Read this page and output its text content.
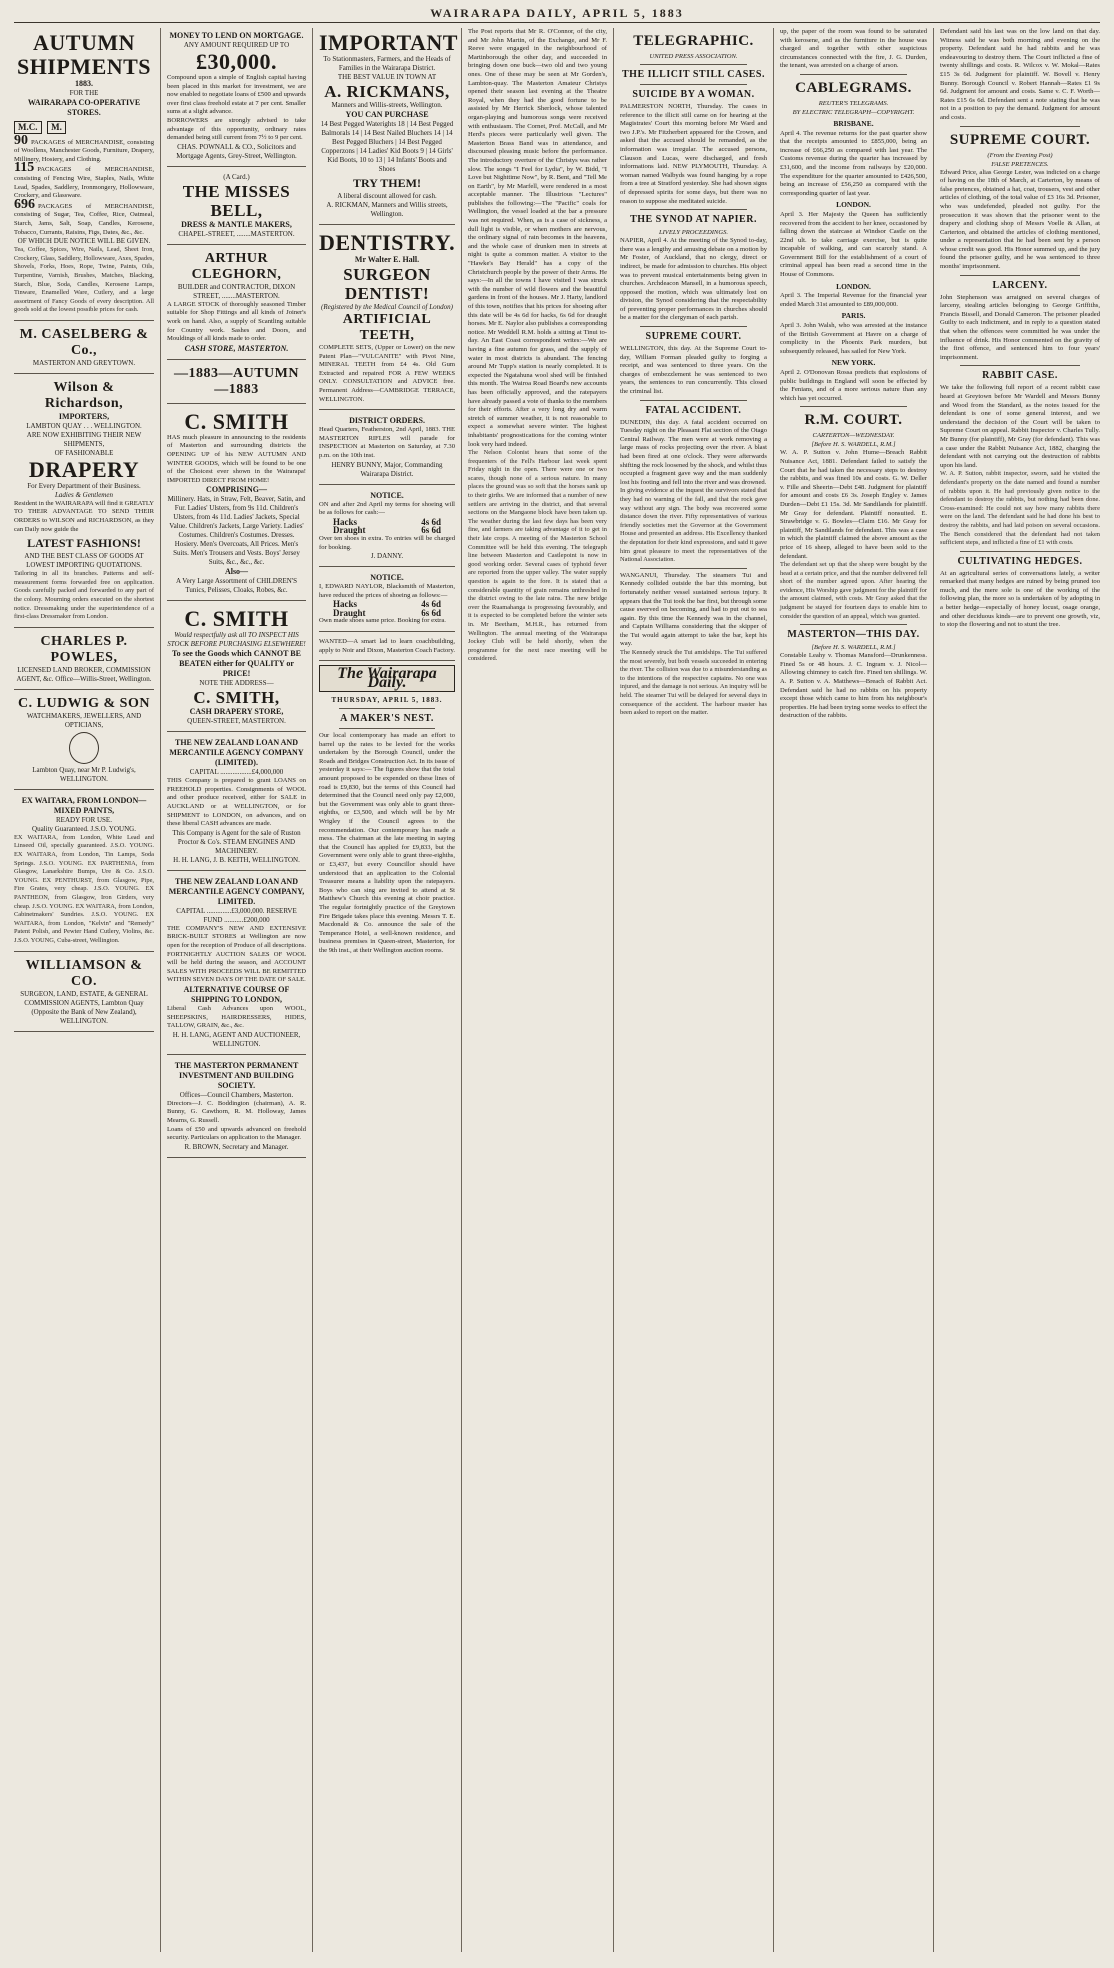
WAIRARAPA DAILY, APRIL 5, 1883
AUTUMN SHIPMENTS
1883.
FOR THE
WAIRARAPA CO-OPERATIVE STORES.
M.C. M.
90 PACKAGES of MERCHANDISE, consisting of Woollens, Manchester Goods, Furniture, Drapery, Millinery, Hosiery, and Clothing.
115 PACKAGES of MERCHANDISE, consisting of Fencing Wire, Staples, Nails, White Lead, Spades, Saddlery, Ironmongery, Hollowware, Crockery, and Glassware.
696 PACKAGES of MERCHANDISE, consisting of Sugar, Tea, Coffee, Rice, Oatmeal, Starch, Jams, Salt, Soap, Candles, Kerosene, Tobacco, Currants, Raisins, Figs, Dates, &c., &c.
OF WHICH DUE NOTICE WILL BE GIVEN.
Tea, Coffee, Spices, Wire, Nails, Lead, Sheet Iron, Crockery, Glass, Saddlery, Hollowware, Axes, Spades, Shovels, Forks, Hoes, Rope, Twine, Paints, Oils, Turpentine, Varnish, Brushes, Matches, Blacking, Starch, Blue, Soda, Candles, Kerosene Lamps, Tinware, Enamelled Ware, Cutlery, and a large assortment of Fancy Goods of every description. All goods sold at the lowest possible prices for cash.
M. CASELBERG & Co.,
MASTERTON AND GREYTOWN.
Wilson & Richardson,
IMPORTERS,
LAMBTON QUAY . . . WELLINGTON.
ARE NOW EXHIBITING THEIR NEW SHIPMENTS,
OF FASHIONABLE
DRAPERY
For Every Department of their Business.
Ladies & Gentlemen
Resident in the WAIRARAPA will find it GREATLY TO THEIR ADVANTAGE TO SEND THEIR ORDERS to WILSON and RICHARDSON, as they can Daily now guide the
LATEST FASHIONS!
AND THE BEST CLASS OF GOODS AT LOWEST IMPORTING QUOTATIONS.
Tailoring in all its branches. Patterns and self-measurement forms forwarded free on application. Goods carefully packed and forwarded to any part of the colony. Mourning orders executed on the shortest notice. Dressmaking under the superintendence of a first-class Dressmaker from London.
CHARLES P. POWLES,
LICENSED LAND BROKER, COMMISSION AGENT, &c. Office—Willis-Street, Wellington.
C. LUDWIG & SON
WATCHMAKERS, JEWELLERS, AND OPTICIANS,
Lambton Quay, near Mr P. Ludwig's, WELLINGTON.
EX WAITARA, FROM LONDON—MIXED PAINTS,
READY FOR USE.
Quality Guaranteed. J.S.O. YOUNG.
EX WAITARA, from London, White Lead and Linseed Oil, specially guaranteed. J.S.O. YOUNG. EX WAITARA, from London, Tin Lamps, Soda Springs. J.S.O. YOUNG. EX PARTHENIA, from Glasgow, Lanarkshire Bumps, Ure & Co. J.S.O. YOUNG. EX PENTHURST, from Glasgow, Pipe, Fire Grates, very cheap. J.S.O. YOUNG. EX PANTHEON, from Glasgow, Iron Girders, very cheap. J.S.O. YOUNG. EX WAITARA, from London, Cabinetmakers' Sundries. J.S.O. YOUNG. EX WAITARA, from London, "Kelvin" and "Remedy" Patent Polish, and Pewter Hand Cutlery, Violins, &c. J.S.O. YOUNG, Cuba-street, Wellington.
WILLIAMSON & CO.
SURGEON, LAND, ESTATE, & GENERAL COMMISSION AGENTS, Lambton Quay (Opposite the Bank of New Zealand), WELLINGTON.
MONEY TO LEND ON MORTGAGE.
ANY AMOUNT REQUIRED UP TO
£30,000.
Compound upon a simple of English capital having been placed in this market for investment, we are now enabled to negotiate loans of £500 and upwards over first class freehold estate at 7 per cent. Smaller sums at a slight advance.
BORROWERS are strongly advised to take advantage of this opportunity, ordinary rates demanded being still current from 7½ to 9 per cent.
CHAS. POWNALL & CO., Solicitors and Mortgage Agents, Grey-Street, Wellington.
(A Card.)
THE MISSES BELL,
DRESS & MANTLE MAKERS,
CHAPEL-STREET, ........MASTERTON.
ARTHUR CLEGHORN,
BUILDER and CONTRACTOR, DIXON STREET, ........MASTERTON.
A LARGE STOCK of thoroughly seasoned Timber suitable for Shop Fittings and all kinds of Joiner's work on hand. Also, a supply of Scantling suitable for Country work. Sashes and Doors, and Mouldings of all kinds made to order.
CASH STORE, MASTERTON.
—1883—AUTUMN—1883
C. SMITH
HAS much pleasure in announcing to the residents of Masterton and surrounding districts the OPENING UP of his NEW AUTUMN AND WINTER GOODS, which will be found to be one of the Choicest ever shown in the Wairarapa! IMPORTED DIRECT FROM HOME!
COMPRISING—
Millinery. Hats, in Straw, Felt, Beaver, Satin, and Fur. Ladies' Ulsters, from 9s 11d. Children's Ulsters, from 4s 11d. Ladies' Jackets, Special Value. Children's Jackets, Large Variety. Ladies' Costumes. Children's Costumes. Dresses. Hosiery. Men's Overcoats, All Prices. Men's Suits. Men's Trousers and Vests. Boys' Jersey Suits, &c., &c., &c.
Also—
A Very Large Assortment of CHILDREN'S Tunics, Pelisses, Cloaks, Robes, &c.
C. SMITH
Would respectfully ask all TO INSPECT HIS STOCK BEFORE PURCHASING ELSEWHERE!
To see the Goods which CANNOT BE BEATEN either for QUALITY or PRICE!
NOTE THE ADDRESS—
C. SMITH,
CASH DRAPERY STORE,
QUEEN-STREET, MASTERTON.
THE NEW ZEALAND LOAN AND MERCANTILE AGENCY COMPANY (LIMITED).
CAPITAL ..................£4,000,000
THIS Company is prepared to grant LOANS on FREEHOLD properties. Consignments of WOOL and other produce received, either for SALE in AUCKLAND or at WELLINGTON, or for SHIPMENT to LONDON, on advances, and on these liberal CASH advances are made.
This Company is Agent for the sale of Ruston Proctor & Co's. STEAM ENGINES AND MACHINERY.
H. H. LANG, J. B. KEITH, WELLINGTON.
THE NEW ZEALAND LOAN AND MERCANTILE AGENCY COMPANY, LIMITED.
CAPITAL ..............£3,000,000. RESERVE FUND ...........£200,000
THE COMPANY'S NEW AND EXTENSIVE BRICK-BUILT STORES at Wellington are now open for the reception of Produce of all descriptions. FORTNIGHTLY AUCTION SALES OF WOOL will be held during the season, and ACCOUNT SALES WITH PROCEEDS WILL BE REMITTED WITHIN SEVEN DAYS OF THE DATE OF SALE.
ALTERNATIVE COURSE OF SHIPPING TO LONDON,
Liberal Cash Advances upon WOOL, SHEEPSKINS, HAIRDRESSERS, HIDES, TALLOW, GRAIN, &c., &c.
H. H. LANG, AGENT AND AUCTIONEER, WELLINGTON.
THE MASTERTON PERMANENT INVESTMENT AND BUILDING SOCIETY.
Offices—Council Chambers, Masterton.
Directors—J. C. Boddington (chairman), A. R. Bunny, G. Cawthorn, R. M. Holloway, James Mearns, G. Russell.
Loans of £50 and upwards advanced on freehold security. Particulars on application to the Manager.
R. BROWN, Secretary and Manager.
IMPORTANT
To Stationmasters, Farmers, and the Heads of Families in the Wairarapa District.
THE BEST VALUE IN TOWN AT
A. RICKMANS,
Manners and Willis-streets, Wellington.
YOU CAN PURCHASE
14 Best Pegged Waterights 18 | 14 Best Pegged Balmorals 14 | 14 Best Nailed Bluchers 14 | 14 Best Pegged Bluchers | 14 Best Pegged Copperzons | 14 Ladies' Kid Boots 9 | 14 Girls' Kid Boots, 10 to 13 | 14 Infants' Boots and Shoes
TRY THEM!
A liberal discount allowed for cash.
A. RICKMAN, Manners and Willis streets, Wellington.
DENTISTRY.
Mr Walter E. Hall.
SURGEON DENTIST!
(Registered by the Medical Council of London)
ARTIFICIAL TEETH,
COMPLETE SETS, (Upper or Lower) on the new Patent Plan—"VULCANITE" with Pivot Nine, MINERAL TEETH from £4 4s. Old Gum Extracted and repaired FOR A FEW WEEKS ONLY. CONSULTATION and ADVICE free. Permanent Address—CAMBRIDGE TERRACE, WELLINGTON.
DISTRICT ORDERS.
Head Quarters, Featherston, 2nd April, 1883. THE MASTERTON RIFLES will parade for INSPECTION at Masterton on Saturday, at 7.30 p.m. on the 10th inst.
HENRY BUNNY, Major, Commanding Wairarapa District.
NOTICE.
ON and after 2nd April my terms for shoeing will be as follows for cash:—
Hacks	4s 6d
Draught	6s 6d
Over ten shoes in extra. To entries will be charged for booking.
J. DANNY.
NOTICE.
I, EDWARD NAYLOR, Blacksmith of Masterton, have reduced the prices of shoeing as follows:—
Hacks	4s 6d
Draught	6s 6d
Own made shoes same price. Booking for extra.
WANTED—A smart lad to learn coachbuilding, apply to Noir and Dixon, Masterton Coach Factory.
The Wairarapa Daily.
THURSDAY, APRIL 5, 1883.
A MAKER'S NEST.
Our local contemporary has made an effort to barrel up the rates to be levied for the works undertaken by the Borough Council, under the Roads and Bridges Construction Act. In its issue of yesterday it says:— The figures show that the total amount proposed to be expended on these lines of road is £9,830, but the terms of this Council had determined that the Council need only pay £2,000, but the Government was only able to grant three-eighths, or £3,500, and which will be by Mr Wrigley if the Council agrees to the recommendation. Our contemporary has made a mess. The chairman at the late meeting in saying that the Council has applied for £9,833, but the Government were only able to grant three-eighths, or £3,437, but every Councillor should have understood that an application to the Colonial Treasurer means a liability upon the ratepayers. Boys who can sing are invited to attend at St Matthew's Church this evening at choir practice. The regular fortnightly practice of the Greytown Fire Brigade takes place this evening. Messrs T. E. Macdonald & Co. announce the sale of the Temperance Hotel, a well-known residence, and business premises in Queen-street, Masterton, for the 9th inst., at their Wellington auction rooms.
The Post reports that Mr R. O'Connor, of the city, and Mr John Martin, of the Exchange, and Mr F. Reeve were engaged in the neighbourhood of Martinborough the other day, and succeeded in bringing down one buck—two old and two young ones. One of these may be seen at Mr Gorden's, Lambton-quay. The Masterton Amateur Christys opened their season last evening at the Theatre Royal, when they had the good fortune to be assisted by Mr Herrick Sherlock, whose talented organ-playing and humorous songs were received with enthusiasm. The Cornet, Prof. McCall, and Mr Herd's pieces were particularly well given. The Masterton Brass Band was in attendance, and discoursed pleasing music before the performance. The introductory overture of the Christys was rather slow. The songs "I Feel for Lydia", by W. Bidd, "I Love but Nighttime Now", by R. Bent, and "Tell Me on Earth", by Mr Marfell, were rendered in a most acceptable manner. The Illustrious "Lectures" publishes the following:—The "Pacific" coals for Wellington, the vessel loaded at the bar a pressure was not required. When, as is a case of sickness, a dull light is visible, or when mothers are nervous, the ordinary signal of rain becomes in the heavens, and the whole case of drunken men in streets at night is quite a common matter. A visitor to the "Hawke's Bay Herald" has a copy of the Christchurch people by the power of their Arms. He says:—In all the towns I have visited I was struck with the number of wild flowers and the beautiful gardens in front of the houses. Mr J. Harty, landlord of this town, notifies that his prices for shoeing after this date will be 4s 6d for hacks, 6s 6d for draught horses. Mr E. Naylor also publishes a corresponding notice. Mr Weddell R.M. holds a sitting at Tinui to-day. An East Coast correspondent writes:—We are having a fine autumn for grass, and the supply of water in most districts is abundant. The fencing around Mr Tupp's station is nearly completed. It is expected the Ngatahuna wool shed will be finished this month. The Wairoa Road Board's new accounts has been officially approved, and the ratepayers have already passed a vote of thanks to the members for their efforts. After a very long dry and warm stretch of summer weather, it is not reasonable to expect a somewhat severe winter. The highest inhabitants' prognostications for the coming winter look very hard indeed.
The Nelson Colonist hears that some of the frequenters of the Fell's Harbour last week spent Friday night in the open. There were one or two scares, though none of a serious nature. In many places the ground was so soft that the horses sank up to their girths. We are informed that a number of new settlers are arriving in the district, and that several sections on the Mangaone block have been taken up. The weather during the last few days has been very fine, and farmers are taking advantage of it to get in their late crops. A meeting of the Masterton School Committee will be held this evening. The telegraph line between Masterton and Castlepoint is now in good working order. Several cases of typhoid fever are reported from the upper valley. The water supply question is again to the fore. It is stated that a considerable quantity of grain remains unthreshed in the district owing to the late rains. The new bridge over the Ruamahanga is progressing favourably, and it is expected to be completed before the winter sets in. Mr Beetham, M.H.R., has returned from Wellington. The annual meeting of the Wairarapa Jockey Club will be held shortly, when the programme for the next race meeting will be considered.
TELEGRAPHIC.
UNITED PRESS ASSOCIATION.
THE ILLICIT STILL CASES.
SUICIDE BY A WOMAN.
PALMERSTON NORTH, Thursday. The cases in reference to the illicit still came on for hearing at the Magistrates' Court this morning before Mr Ward and two J.P.'s. Mr Fitzherbert appeared for the Crown, and asked that the accused should be remanded, as the information was irregular. The accused persons, Clauson and Lucas, were discharged, and fresh informations laid. NEW PLYMOUTH, Thursday. A woman named Walbyds was found hanging by a rope from a tree at Stratford yesterday. She had shown signs of depressed spirits for some days, but there was no reason to suppose she meditated suicide.
THE SYNOD AT NAPIER.
LIVELY PROCEEDINGS.
NAPIER, April 4. At the meeting of the Synod to-day, there was a lengthy and amusing debate on a motion by Mr Foster, of Auckland, that no clergy, direct or indirect, be made for admission to churches. His object was to prevent musical entertainments being given in churches. Archdeacon Mansell, in a humorous speech, opposed the motion, which was ultimately lost on division, the Synod considering that the respectability of preventing proper performances in churches should be a matter for the clergyman of each parish.
SUPREME COURT.
WELLINGTON, this day. At the Supreme Court to-day, William Forman pleaded guilty to forging a receipt, and was sentenced to three years. On the charges of embezzlement he was sentenced to two years, the sentences to run concurrently. This closed the criminal list.
FATAL ACCIDENT.
DUNEDIN, this day. A fatal accident occurred on Tuesday night on the Pleasant Flat section of the Otago Central Railway. The men were at work removing a large mass of rocks projecting over the river. A blast had been fired at one o'clock. They were afterwards shifting the rock loosened by the shock, and whilst thus occupied a fragment gave way and the man suddenly lost his footing and fell into the river and was drowned.
In giving evidence at the inquest the survivors stated that they had no warning of the fall, and that the rock gave way without any sign. The body was recovered some distance down the river. Fifty representatives of various friendly societies met the Governor at the Government House and presented an address. His Excellency thanked the deputation for their kind expressions, and said it gave him great pleasure to meet the representatives of the National Association.
WANGANUI, Thursday. The steamers Tui and Kennedy collided outside the bar this morning, but fortunately neither vessel sustained serious injury. It appears that the Tui took the bar first, but through some cause swerved on becoming, and had to put out to sea again. By this time the Kennedy was in the channel, and Captain Williams considering that the skipper of the Tui would again attempt to take the bar, kept his way.
The Kennedy struck the Tui amidships. The Tui suffered the most severely, but both vessels succeeded in entering the river. The collision was due to a misunderstanding as to the intentions of the respective captains. No one was injured, and the damage is not serious. An inquiry will be held. The steamer Tui will be delayed for several days in consequence of the accident. The harbour master has been asked to report on the matter.
up, the paper of the room was found to be saturated with kerosene, and as the furniture in the house was charged and together with other suspicious circumstances connected with the fire, J. G. Durden, the tenant, was arrested on a charge of arson.
CABLEGRAMS.
REUTER'S TELEGRAMS.
BY ELECTRIC TELEGRAPH—COPYRIGHT.
BRISBANE.
April 4. The revenue returns for the past quarter show that the receipts amounted to £855,000, being an increase of £66,250 as compared with last year. The Customs revenue during the quarter has increased by £31,600, and the income from railways by £20,000. The expenditure for the quarter amounted to £426,500, being an increase of £56,250 as compared with the corresponding quarter of last year.
LONDON.
April 3. Her Majesty the Queen has sufficiently recovered from the accident to her knee, occasioned by falling down the staircase at Windsor Castle on the 22nd ult. to take carriage exercise, but is quite incapable of walking, and can scarcely stand. A Government Bill for the establishment of a court of criminal appeal has been read a second time in the House of Commons.
LONDON.
April 3. The Imperial Revenue for the financial year ended March 31st amounted to £89,000,000.
PARIS.
April 3. John Walsh, who was arrested at the instance of the British Government at Havre on a charge of complicity in the Phoenix Park murders, but subsequently released, has sailed for New York.
NEW YORK.
April 2. O'Donovan Rossa predicts that explosions of public buildings in England will soon be effected by the Fenians, and of a more serious nature than any which has yet occurred.
R.M. COURT.
CARTERTON—WEDNESDAY.
[Before H. S. WARDELL, R.M.]
W. A. P. Sutton v. John Hume—Breach Rabbit Nuisance Act, 1881. Defendant failed to satisfy the Court that he had taken the necessary steps to destroy the rabbits, and was fined 10s and costs. G. W. Deller v. Fille and Sheerin—Debt £48. Judgment for plaintiff for amount and costs £6 3s. Joseph Engley v. James Durden—Debt £1 15s. 3d. Mr Sandilands for plaintiff. Mr Gray for defendant. Plaintiff nonsuited. E. Strawbridge v. G. Bowles—Claim £16. Mr Gray for plaintiff, Mr Sandilands for defendant. This was a case in which the plaintiff claimed the above amount as the price of 16 sheep, alleged to have been sold to the defendant.
The defendant set up that the sheep were bought by the head at a certain price, and that the number delivered fell short of the number agreed upon. After hearing the evidence, His Worship gave judgment for the plaintiff for the amount claimed, with costs. Mr Gray asked that the judgment be stayed for fourteen days to enable him to consider the question of an appeal, which was granted.
MASTERTON—THIS DAY.
[Before H. S. WARDELL, R.M.]
Constable Leahy v. Thomas Mansford—Drunkenness. Fined 5s or 48 hours. J. C. Ingram v. J. Nicol—Allowing chimney to catch fire. Fined ten shillings. W. A. P. Sutton v. A. Matthews—Breach of Rabbit Act. Defendant said he had no rabbits on his property except those which came to him from his neighbour's properties. He had been trying some weeks to effect the destruction of the rabbits.
Defendant said his last was on the low land on that day. Witness said he was both morning and evening on the property. Defendant said he had rabbits and he was endeavouring to destroy them. The Court inflicted a fine of twenty shillings and costs. R. Wilcox v. W. Mokal—Rates £15 3s 6d. Judgment for plaintiff. W. Bovell v. Henry Bunny. Borough Council v. Robert Hannah—Rates £1 9s 6d. Judgment for amount and costs. Same v. C. F. Worth—Rates £15 6s 6d. Defendant sent a note stating that he was not in a position to pay the demand. Judgment for amount and costs.
SUPREME COURT.
(From the Evening Post)
FALSE PRETENCES.
Edward Price, alias George Lester, was indicted on a charge of having on the 18th of March, at Carterton, by means of false pretences, obtained a hat, coat, trousers, vest and other articles of clothing, of the total value of £3 16s 3d. Prisoner, who was undefended, pleaded not guilty. For the prosecution it was shown that the prisoner went to the drapery and clothing shop of Messrs Voelle & Allan, at Carterton, and obtained the articles of clothing mentioned, under a representation that he had been sent by a person whose credit was good. His Honor summed up, and the jury found the prisoner guilty, and he was sentenced to three months' imprisonment.
LARCENY.
John Stephenson was arraigned on several charges of larceny, stealing articles belonging to George Griffiths, Francis Bissell, and Donald Cameron. The prisoner pleaded Guilty to each indictment, and in reply to a question stated that when the offences were committed he was under the influence of drink. His Honor commented on the gravity of the first offence, and sentenced him to four years' imprisonment.
RABBIT CASE.
We take the following full report of a recent rabbit case heard at Greytown before Mr Wardell and Messrs Bunny and Wood from the Standard, as the notes issued for the defendant is one of some general interest, and we understand the decision of the Court will be taken to Supreme Court on appeal. Rabbit Inspector v. Charles Tully. Mr Bunny (for plaintiff), Mr Gray (for defendant). This was a case under the Rabbit Nuisance Act, 1882, charging the defendant with not carrying out the destruction of rabbits upon his land.
W. A. P. Sutton, rabbit inspector, sworn, said he visited the defendant's property on the date named and found a number of rabbits upon it. He had previously given notice to the defendant to destroy the rabbits, but nothing had been done. Cross-examined: He could not say how many rabbits there were on the land. The defendant said he had done his best to destroy the rabbits, and had laid poison on several occasions. The Bench considered that the defendant had not taken sufficient steps, and inflicted a fine of £1 with costs.
CULTIVATING HEDGES.
At an agricultural series of conversations lately, a writer remarked that many hedges are ruined by being pruned too much, and the mere sole is one of the working of the following plan, the more so is undertaken of by adopting in a better hedge—especially of honey locust, osage orange, and other deciduous kinds—are to prevent one growth, viz, to stop the flowering and not to stunt the tree.
